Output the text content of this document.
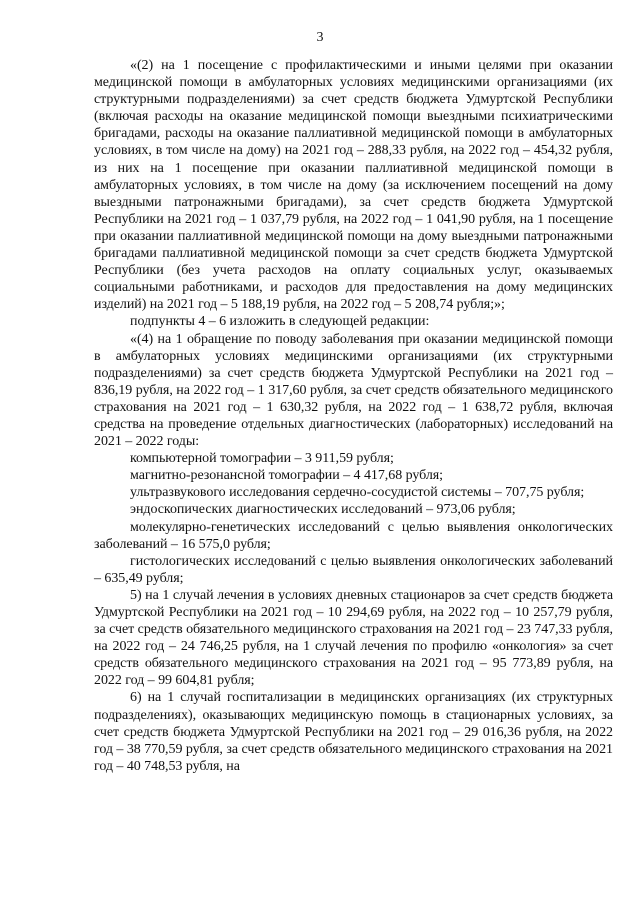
3

«(2) на 1 посещение с профилактическими и иными целями при оказании медицинской помощи в амбулаторных условиях медицинскими организациями (их структурными подразделениями) за счет средств бюджета Удмуртской Республики (включая расходы на оказание медицинской помощи выездными психиатрическими бригадами, расходы на оказание паллиативной медицинской помощи в амбулаторных условиях, в том числе на дому) на 2021 год – 288,33 рубля, на 2022 год – 454,32 рубля, из них на 1 посещение при оказании паллиативной медицинской помощи в амбулаторных условиях, в том числе на дому (за исключением посещений на дому выездными патронажными бригадами), за счет средств бюджета Удмуртской Республики на 2021 год – 1 037,79 рубля, на 2022 год – 1 041,90 рубля, на 1 посещение при оказании паллиативной медицинской помощи на дому выездными патронажными бригадами паллиативной медицинской помощи за счет средств бюджета Удмуртской Республики (без учета расходов на оплату социальных услуг, оказываемых социальными работниками, и расходов для предоставления на дому медицинских изделий) на 2021 год – 5 188,19 рубля, на 2022 год – 5 208,74 рубля;»;

подпункты 4 – 6 изложить в следующей редакции:

«(4) на 1 обращение по поводу заболевания при оказании медицинской помощи в амбулаторных условиях медицинскими организациями (их структурными подразделениями) за счет средств бюджета Удмуртской Республики на 2021 год – 836,19 рубля, на 2022 год – 1 317,60 рубля, за счет средств обязательного медицинского страхования на 2021 год – 1 630,32 рубля, на 2022 год – 1 638,72 рубля, включая средства на проведение отдельных диагностических (лабораторных) исследований на 2021 – 2022 годы:

компьютерной томографии – 3 911,59 рубля;

магнитно-резонансной томографии – 4 417,68 рубля;

ультразвукового исследования сердечно-сосудистой системы – 707,75 рубля;

эндоскопических диагностических исследований – 973,06 рубля;

молекулярно-генетических исследований с целью выявления онкологических заболеваний – 16 575,0 рубля;

гистологических исследований с целью выявления онкологических заболеваний – 635,49 рубля;

5) на 1 случай лечения в условиях дневных стационаров за счет средств бюджета Удмуртской Республики на 2021 год – 10 294,69 рубля, на 2022 год – 10 257,79 рубля, за счет средств обязательного медицинского страхования на 2021 год – 23 747,33 рубля, на 2022 год – 24 746,25 рубля, на 1 случай лечения по профилю «онкология» за счет средств обязательного медицинского страхования на 2021 год – 95 773,89 рубля, на 2022 год – 99 604,81 рубля;

6) на 1 случай госпитализации в медицинских организациях (их структурных подразделениях), оказывающих медицинскую помощь в стационарных условиях, за счет средств бюджета Удмуртской Республики на 2021 год – 29 016,36 рубля, на 2022 год – 38 770,59 рубля, за счет средств обязательного медицинского страхования на 2021 год – 40 748,53 рубля, на
